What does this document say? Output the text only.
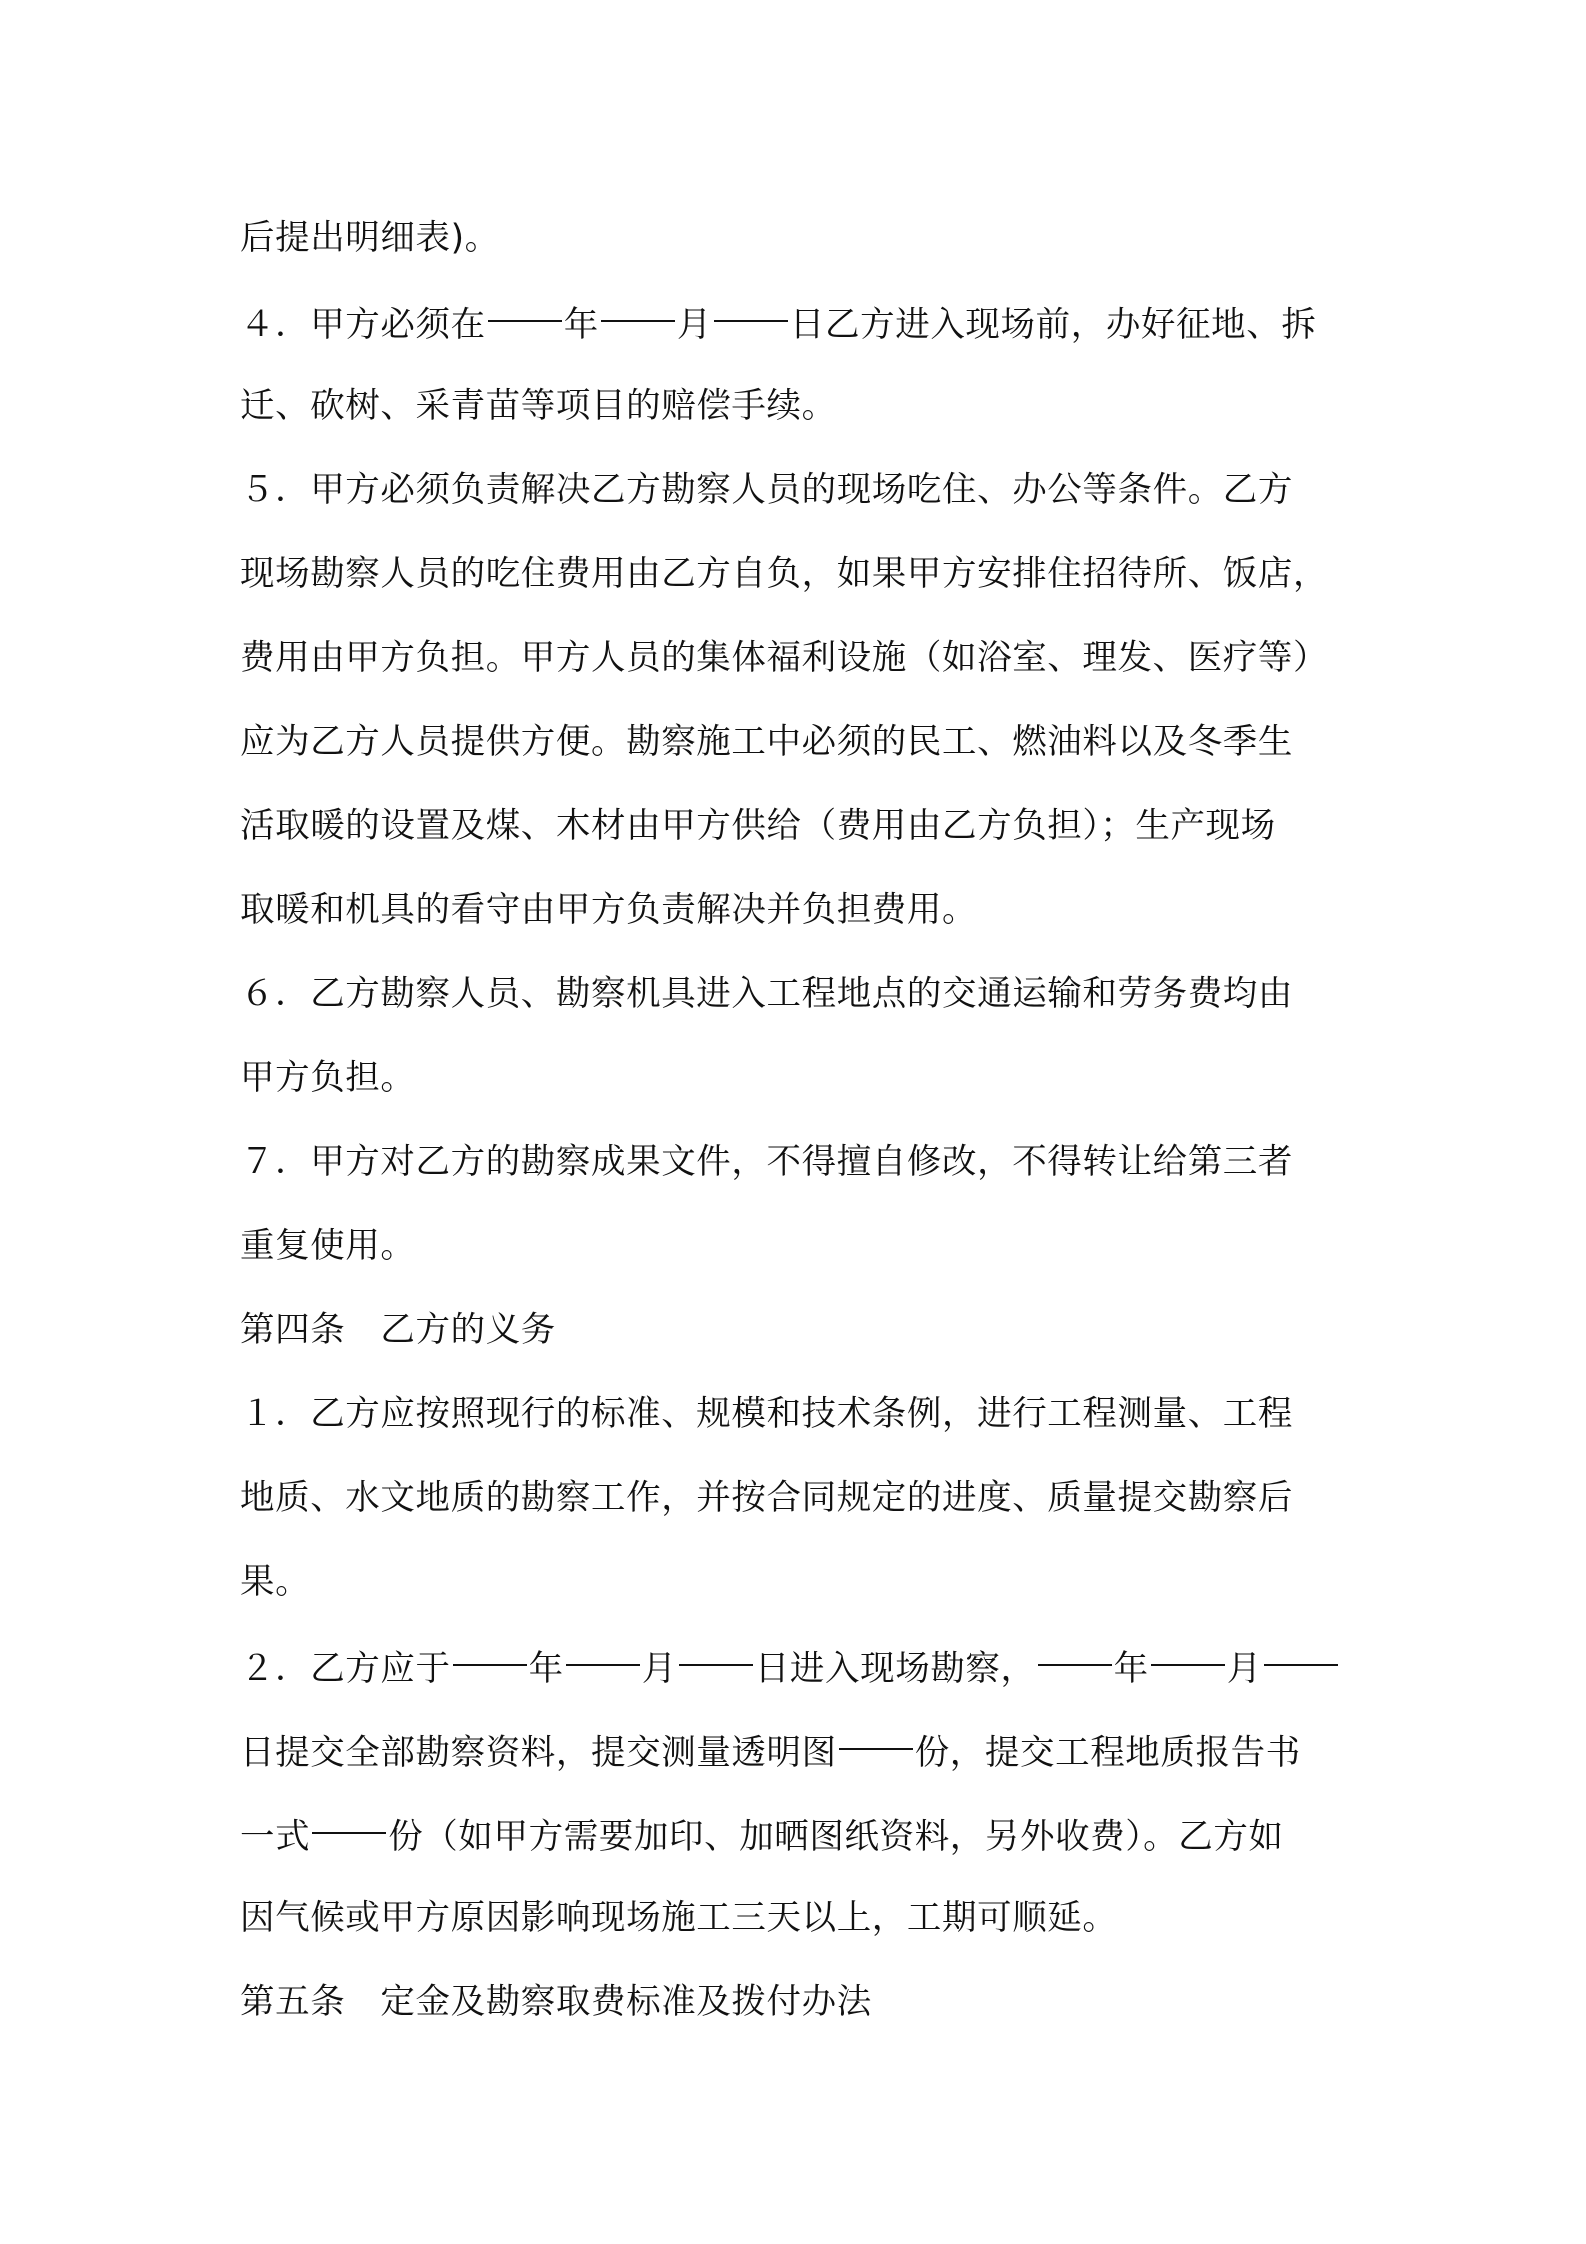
后提出明细表)。
４．甲方必须在 年 月 日乙方进入现场前，办好征地、拆
迁、砍树、采青苗等项目的赔偿手续。
５．甲方必须负责解决乙方勘察人员的现场吃住、办公等条件。乙方
现场勘察人员的吃住费用由乙方自负，如果甲方安排住招待所、饭店，
费用由甲方负担。甲方人员的集体福利设施（如浴室、理发、医疗等）
应为乙方人员提供方便。勘察施工中必须的民工、燃油料以及冬季生
活取暖的设置及煤、木材由甲方供给（费用由乙方负担）；生产现场
取暖和机具的看守由甲方负责解决并负担费用。
６．乙方勘察人员、勘察机具进入工程地点的交通运输和劳务费均由
甲方负担。
７．甲方对乙方的勘察成果文件，不得擅自修改，不得转让给第三者
重复使用。
第四条　乙方的义务
１．乙方应按照现行的标准、规模和技术条例，进行工程测量、工程
地质、水文地质的勘察工作，并按合同规定的进度、质量提交勘察后
果。
２．乙方应于 年 月 日进入现场勘察， 年 月
日提交全部勘察资料，提交测量透明图 份，提交工程地质报告书
一式 份（如甲方需要加印、加晒图纸资料，另外收费）。乙方如
因气候或甲方原因影响现场施工三天以上，工期可顺延。
第五条　定金及勘察取费标准及拨付办法
